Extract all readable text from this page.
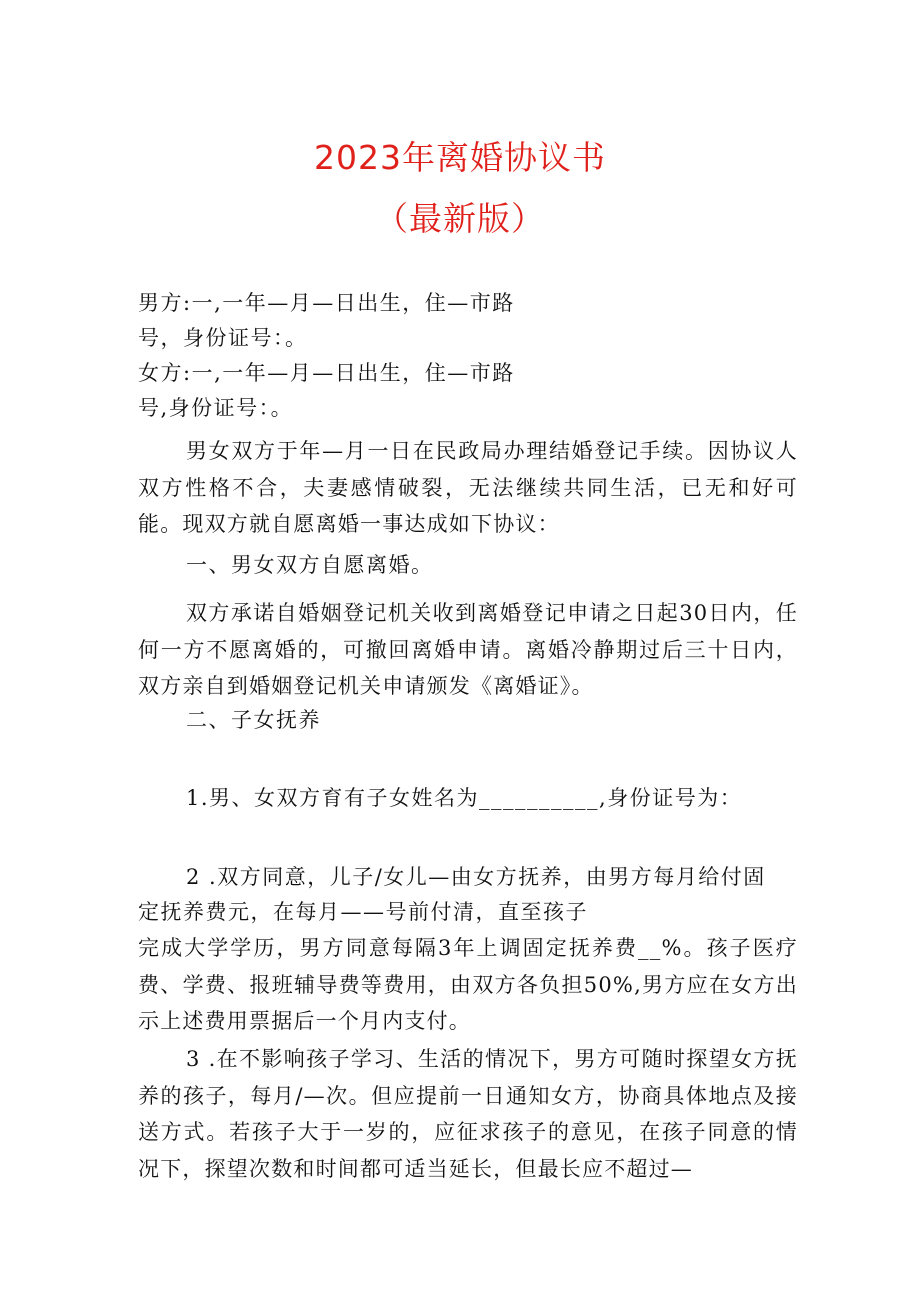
2023年离婚协议书
（最新版）
男方:一,一年—月—日出生，住—市路
号，身份证号：。
女方:一,一年—月—日出生，住—市路
号,身份证号：。
男女双方于年—月一日在民政局办理结婚登记手续。因协议人双方性格不合，夫妻感情破裂，无法继续共同生活，已无和好可能。现双方就自愿离婚一事达成如下协议：
一、男女双方自愿离婚。
双方承诺自婚姻登记机关收到离婚登记申请之日起30日内，任何一方不愿离婚的，可撤回离婚申请。离婚冷静期过后三十日内，双方亲自到婚姻登记机关申请颁发《离婚证》。
二、子女抚养
1.男、女双方育有子女姓名为__________,身份证号为：
2 .双方同意，儿子/女儿—由女方抚养，由男方每月给付固
定抚养费元，在每月——号前付清，直至孩子
完成大学学历，男方同意每隔3年上调固定抚养费__%。孩子医疗费、学费、报班辅导费等费用，由双方各负担50%,男方应在女方出示上述费用票据后一个月内支付。
3 .在不影响孩子学习、生活的情况下，男方可随时探望女方抚养的孩子，每月/—次。但应提前一日通知女方，协商具体地点及接送方式。若孩子大于一岁的，应征求孩子的意见，在孩子同意的情况下，探望次数和时间都可适当延长，但最长应不超过—
